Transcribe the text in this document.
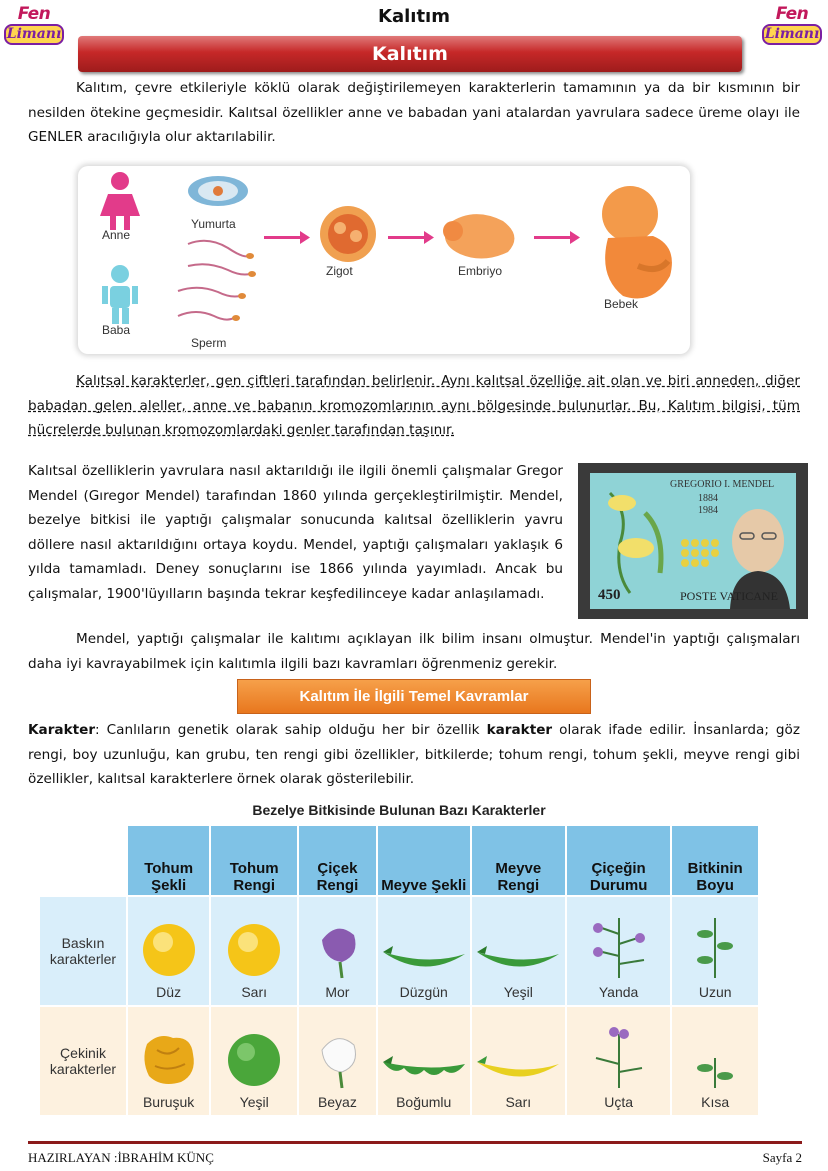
Fen
Limanı
Fen
Limanı
Kalıtım
Kalıtım

Kalıtım, çevre etkileriyle köklü olarak değiştirilemeyen karakterlerin tamamının ya da bir kısmının bir nesilden ötekine geçmesidir. Kalıtsal özellikler anne ve babadan yani atalardan yavrulara sadece üreme olayı ile GENLER aracılığıyla olur aktarılabilir.

Anne
Baba
Yumurta
Sperm
Zigot	Embriyo
Bebek

Kalıtsal karakterler, gen çiftleri tarafından belirlenir. Aynı kalıtsal özelliğe ait olan ve biri anneden, diğer babadan gelen aleller, anne ve babanın kromozomlarının aynı bölgesinde bulunurlar. Bu, Kalıtım bilgisi, tüm hücrelerde bulunan kromozomlardaki genler tarafından taşınır.

Kalıtsal özelliklerin yavrulara nasıl aktarıldığı ile ilgili önemli çalışmalar Gregor Mendel (Gıregor Mendel) tarafından 1860 yılında gerçekleştirilmiştir. Mendel, bezelye bitkisi ile yaptığı çalışmalar sonucunda kalıtsal özelliklerin yavru döllere nasıl aktarıldığını ortaya koydu. Mendel, yaptığı çalışmaları yaklaşık 6 yılda tamamladı. Deney sonuçlarını ise 1866 yılında yayımladı. Ancak bu çalışmalar, 1900'lüyılların başında tekrar keşfedilinceye kadar anlaşılamadı.

GREGORIO I. MENDEL
1884
1984
450	POSTE VATICANE

Mendel, yaptığı çalışmalar ile kalıtımı açıklayan ilk bilim insanı olmuştur. Mendel'in yaptığı çalışmaları daha iyi kavrayabilmek için kalıtımla ilgili bazı kavramları öğrenmeniz gerekir.

Kalıtım İle İlgili Temel Kavramlar

Karakter: Canlıların genetik olarak sahip olduğu her bir özellik karakter olarak ifade edilir. İnsanlarda; göz rengi, boy uzunluğu, kan grubu, ten rengi gibi özellikler, bitkilerde; tohum rengi, tohum şekli, meyve rengi gibi özellikler, kalıtsal karakterlere örnek olarak gösterilebilir.

Bezelye Bitkisinde Bulunan Bazı Karakterler
	Tohum Şekli	Tohum Rengi	Çiçek Rengi	Meyve Şekli	Meyve Rengi	Çiçeğin Durumu	Bitkinin Boyu
Baskın karakterler	Düz	Sarı	Mor	Düzgün	Yeşil	Yanda	Uzun

Çekinik karakterler	Buruşuk	Yeşil	Beyaz	Boğumlu	Sarı	Uçta	Kısa
HAZIRLAYAN :İBRAHİM KÜNÇ	Sayfa 2
